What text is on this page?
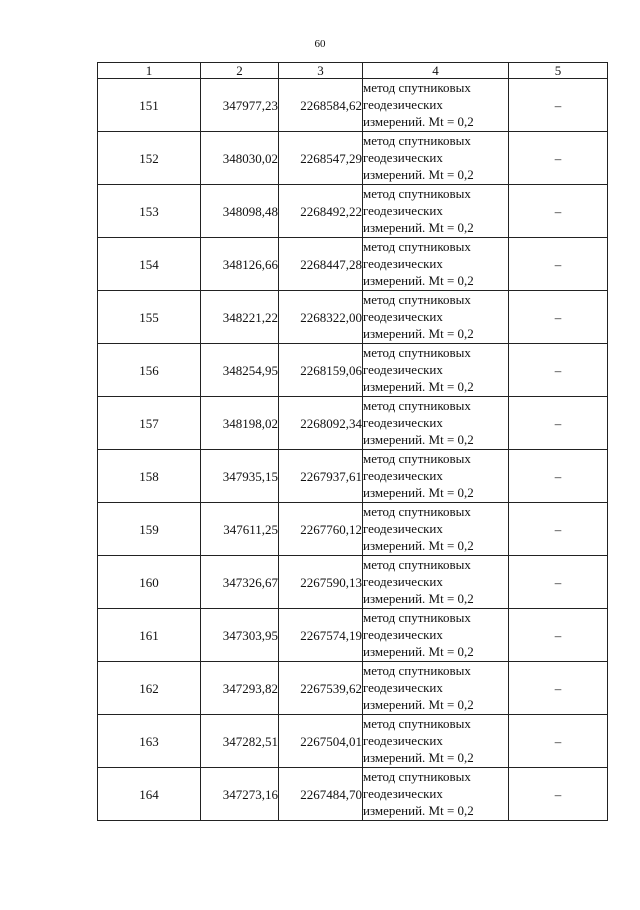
60
1	2	3	4	5
151	347977,23	2268584,62	метод спутниковых
геодезических
измерений. Mt = 0,2	–
152	348030,02	2268547,29	метод спутниковых
геодезических
измерений. Mt = 0,2	–
153	348098,48	2268492,22	метод спутниковых
геодезических
измерений. Mt = 0,2	–
154	348126,66	2268447,28	метод спутниковых
геодезических
измерений. Mt = 0,2	–
155	348221,22	2268322,00	метод спутниковых
геодезических
измерений. Mt = 0,2	–
156	348254,95	2268159,06	метод спутниковых
геодезических
измерений. Mt = 0,2	–
157	348198,02	2268092,34	метод спутниковых
геодезических
измерений. Mt = 0,2	–
158	347935,15	2267937,61	метод спутниковых
геодезических
измерений. Mt = 0,2	–
159	347611,25	2267760,12	метод спутниковых
геодезических
измерений. Mt = 0,2	–
160	347326,67	2267590,13	метод спутниковых
геодезических
измерений. Mt = 0,2	–
161	347303,95	2267574,19	метод спутниковых
геодезических
измерений. Mt = 0,2	–
162	347293,82	2267539,62	метод спутниковых
геодезических
измерений. Mt = 0,2	–
163	347282,51	2267504,01	метод спутниковых
геодезических
измерений. Mt = 0,2	–
164	347273,16	2267484,70	метод спутниковых
геодезических
измерений. Mt = 0,2	–
